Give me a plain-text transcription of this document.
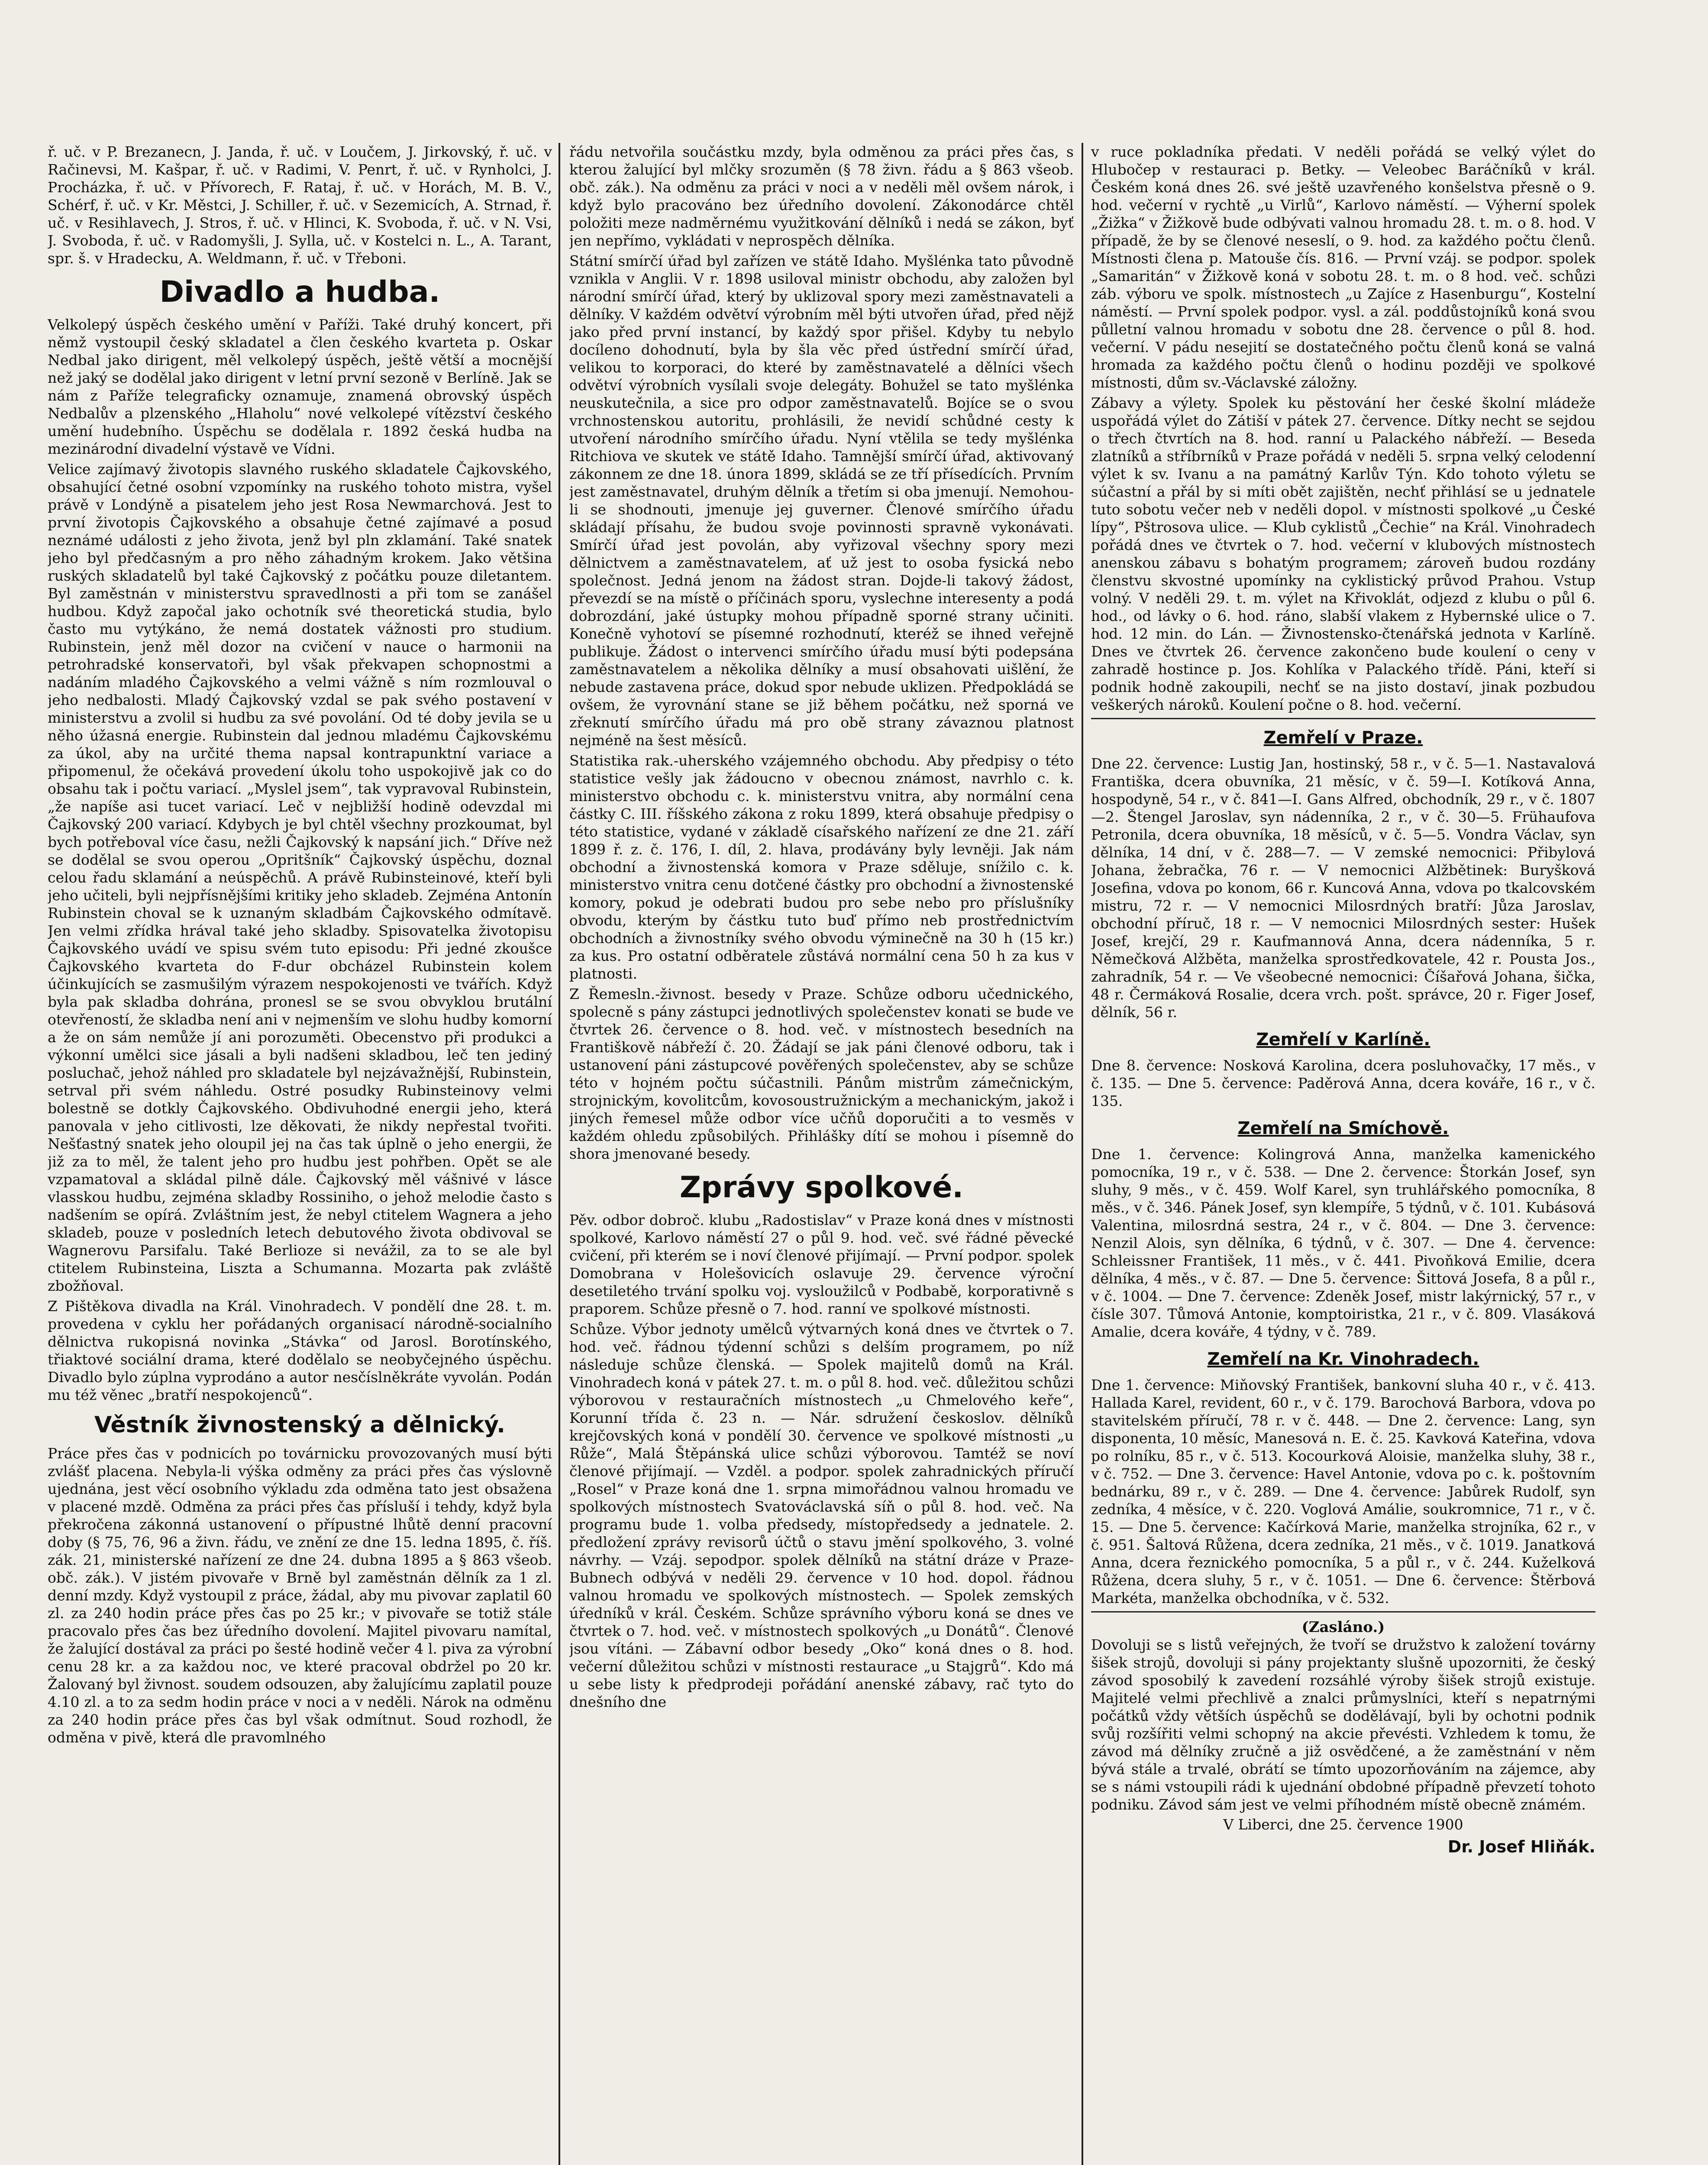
ř. uč. v P. Brezanecn, J. Janda, ř. uč. v Loučem, J. Jirkovský, ř. uč. v Račinevsi, M. Kašpar, ř. uč. v Radimi, V. Penrt, ř. uč. v Rynholci, J. Procházka, ř. uč. v Přívorech, F. Rataj, ř. uč. v Horách, M. B. V., Schérf, ř. uč. v Kr. Městci, J. Schiller, ř. uč. v Sezemicích, A. Strnad, ř. uč. v Resihlavech, J. Stros, ř. uč. v Hlinci, K. Svoboda, ř. uč. v N. Vsi, J. Svoboda, ř. uč. v Radomyšli, J. Sylla, uč. v Kostelci n. L., A. Tarant, spr. š. v Hradecku, A. Weldmann, ř. uč. v Třeboni.

Divadlo a hudba.

Velkolepý úspěch českého umění v Paříži. Také druhý koncert, při němž vystoupil český skladatel a člen českého kvarteta p. Oskar Nedbal jako dirigent, měl velkolepý úspěch, ještě větší a mocnější než jaký se dodělal jako dirigent v letní první sezoně v Berlíně. Jak se nám z Paříže telegraficky oznamuje, znamená obrovský úspěch Nedbalův a plzenského „Hlaholu“ nové velkolepé vítězství českého umění hudebního. Úspěchu se dodělala r. 1892 česká hudba na mezinárodní divadelní výstavě ve Vídni.

Velice zajímavý životopis slavného ruského skladatele Čajkovského, obsahující četné osobní vzpomínky na ruského tohoto mistra, vyšel právě v Londýně a pisatelem jeho jest Rosa Newmarchová. Jest to první životopis Čajkovského a obsahuje četné zajímavé a posud neznámé události z jeho života, jenž byl pln zklamání. Také snatek jeho byl předčasným a pro něho záhadným krokem. Jako většina ruských skladatelů byl také Čajkovský z počátku pouze diletantem. Byl zaměstnán v ministerstvu spravedlnosti a při tom se zanášel hudbou. Když započal jako ochotník své theoretická studia, bylo často mu vytýkáno, že nemá dostatek vážnosti pro studium. Rubinstein, jenž měl dozor na cvičení v nauce o harmonii na petrohradské konservatoři, byl však překvapen schopnostmi a nadáním mladého Čajkovského a velmi vážně s ním rozmlouval o jeho nedbalosti. Mladý Čajkovský vzdal se pak svého postavení v ministerstvu a zvolil si hudbu za své povolání. Od té doby jevila se u něho úžasná energie. Rubinstein dal jednou mladému Čajkovskému za úkol, aby na určité thema napsal kontrapunktní variace a připomenul, že očekává provedení úkolu toho uspokojivě jak co do obsahu tak i počtu variací. „Myslel jsem“, tak vypravoval Rubinstein, „že napíše asi tucet variací. Leč v nejbližší hodině odevzdal mi Čajkovský 200 variací. Kdybych je byl chtěl všechny prozkoumat, byl bych potřeboval více času, nežli Čajkovský k napsání jich.“ Dříve než se dodělal se svou operou „Opritšník“ Čajkovský úspěchu, doznal celou řadu sklamání a neúspěchů. A právě Rubinsteinové, kteří byli jeho učiteli, byli nejpřísnějšími kritiky jeho skladeb. Zejména Antonín Rubinstein choval se k uznaným skladbám Čajkovského odmítavě. Jen velmi zřídka hrával také jeho skladby. Spisovatelka životopisu Čajkovského uvádí ve spisu svém tuto episodu: Při jedné zkoušce Čajkovského kvarteta do F-dur obcházel Rubinstein kolem účinkujících se zasmušilým výrazem nespokojenosti ve tvářích. Když byla pak skladba dohrána, pronesl se se svou obvyklou brutální otevřeností, že skladba není ani v nejmenším ve slohu hudby komorní a že on sám nemůže jí ani porozuměti. Obecenstvo při produkci a výkonní umělci sice jásali a byli nadšeni skladbou, leč ten jediný posluchač, jehož náhled pro skladatele byl nejzávažnější, Rubinstein, setrval při svém náhledu. Ostré posudky Rubinsteinovy velmi bolestně se dotkly Čajkovského. Obdivuhodné energii jeho, která panovala v jeho citlivosti, lze děkovati, že nikdy nepřestal tvořiti. Nešťastný snatek jeho oloupil jej na čas tak úplně o jeho energii, že již za to měl, že talent jeho pro hudbu jest pohřben. Opět se ale vzpamatoval a skládal pilně dále. Čajkovský měl vášnivé v lásce vlasskou hudbu, zejména skladby Rossiniho, o jehož melodie často s nadšením se opírá. Zvláštním jest, že nebyl ctitelem Wagnera a jeho skladeb, pouze v posledních letech debutového života obdivoval se Wagnerovu Parsifalu. Také Berlioze si nevážil, za to se ale byl ctitelem Rubinsteina, Liszta a Schumanna. Mozarta pak zvláště zbožňoval.

Z Pištěkova divadla na Král. Vinohradech. V pondělí dne 28. t. m. provedena v cyklu her pořádaných organisací národně-socialního dělnictva rukopisná novinka „Stávka“ od Jarosl. Borotínského, třiaktové sociální drama, které dodělalo se neobyčejného úspěchu. Divadlo bylo zúplna vyprodáno a autor nesčíslněkráte vyvolán. Podán mu též věnec „bratří nespokojenců“.

Věstník živnostenský a dělnický.

Práce přes čas v podnicích po továrnicku provozovaných musí býti zvlášť placena. Nebyla-li výška odměny za práci přes čas výslovně ujednána, jest věcí osobního výkladu zda odměna tato jest obsažena v placené mzdě. Odměna za práci přes čas přísluší i tehdy, když byla překročena zákonná ustanovení o přípustné lhůtě denní pracovní doby (§ 75, 76, 96 a živn. řádu, ve znění ze dne 15. ledna 1895, č. říš. zák. 21, ministerské nařízení ze dne 24. dubna 1895 a § 863 všeob. obč. zák.). V jistém pivovaře v Brně byl zaměstnán dělník za 1 zl. denní mzdy. Když vystoupil z práce, žádal, aby mu pivovar zaplatil 60 zl. za 240 hodin práce přes čas po 25 kr.; v pivovaře se totiž stále pracovalo přes čas bez úředního dovolení. Majitel pivovaru namítal, že žalující dostával za práci po šesté hodině večer 4 l. piva za výrobní cenu 28 kr. a za každou noc, ve které pracoval obdržel po 20 kr. Žalovaný byl živnost. soudem odsouzen, aby žalujícímu zaplatil pouze 4.10 zl. a to za sedm hodin práce v noci a v neděli. Nárok na odměnu za 240 hodin práce přes čas byl však odmítnut. Soud rozhodl, že odměna v pivě, která dle pravomlného

řádu netvořila součástku mzdy, byla odměnou za práci přes čas, s kterou žalující byl mlčky srozuměn (§ 78 živn. řádu a § 863 všeob. obč. zák.). Na odměnu za práci v noci a v neděli měl ovšem nárok, i když bylo pracováno bez úředního dovolení. Zákonodárce chtěl položiti meze nadměrnému využitkování dělníků i nedá se zákon, byť jen nepřímo, vykládati v neprospěch dělníka.

Státní smírčí úřad byl zařízen ve státě Idaho. Myšlénka tato původně vznikla v Anglii. V r. 1898 usiloval ministr obchodu, aby založen byl národní smírčí úřad, který by uklizoval spory mezi zaměstnavateli a dělníky. V každém odvětví výrobním měl býti utvořen úřad, před nějž jako před první instancí, by každý spor přišel. Kdyby tu nebylo docíleno dohodnutí, byla by šla věc před ústřední smírčí úřad, velikou to korporaci, do které by zaměstnavatelé a dělníci všech odvětví výrobních vysílali svoje delegáty. Bohužel se tato myšlénka neuskutečnila, a sice pro odpor zaměstnavatelů. Bojíce se o svou vrchnostenskou autoritu, prohlásili, že nevidí schůdné cesty k utvoření národního smírčího úřadu. Nyní vtělila se tedy myšlénka Ritchiova ve skutek ve státě Idaho. Tamnější smírčí úřad, aktivovaný zákonnem ze dne 18. února 1899, skládá se ze tří přísedících. Prvním jest zaměstnavatel, druhým dělník a třetím si oba jmenují. Nemohou-li se shodnouti, jmenuje jej guverner. Členové smírčího úřadu skládají přísahu, že budou svoje povinnosti spravně vykonávati. Smírčí úřad jest povolán, aby vyřizoval všechny spory mezi dělnictvem a zaměstnavatelem, ať už jest to osoba fysická nebo společnost. Jedná jenom na žádost stran. Dojde-li takový žádost, převezdí se na místě o příčinách sporu, vyslechne interesenty a podá dobrozdání, jaké ústupky mohou případně sporné strany učiniti. Konečně vyhotoví se písemné rozhodnutí, kteréž se ihned veřejně publikuje. Žádost o intervenci smírčího úřadu musí býti podepsána zaměstnavatelem a několika dělníky a musí obsahovati uišlění, že nebude zastavena práce, dokud spor nebude uklizen. Předpokládá se ovšem, že vyrovnání stane se již během počátku, než sporná ve zřeknutí smírčího úřadu má pro obě strany závaznou platnost nejméně na šest měsíců.

Statistika rak.-uherského vzájemného obchodu. Aby předpisy o této statistice vešly jak žádoucno v obecnou známost, navrhlo c. k. ministerstvo obchodu c. k. ministerstvu vnitra, aby normální cena částky C. III. říšského zákona z roku 1899, která obsahuje předpisy o této statistice, vydané v základě císařského nařízení ze dne 21. září 1899 ř. z. č. 176, I. díl, 2. hlava, prodávány byly levněji. Jak nám obchodní a živnostenská komora v Praze sděluje, snížilo c. k. ministerstvo vnitra cenu dotčené částky pro obchodní a živnostenské komory, pokud je odebrati budou pro sebe nebo pro příslušníky obvodu, kterým by částku tuto buď přímo neb prostřednictvím obchodních a živnostníky svého obvodu výminečně na 30 h (15 kr.) za kus. Pro ostatní odběratele zůstává normální cena 50 h za kus v platnosti.

Z Řemesln.-živnost. besedy v Praze. Schůze odboru učednického, spolecně s pány zástupci jednotlivých společenstev konati se bude ve čtvrtek 26. července o 8. hod. več. v místnostech besedních na Františkově nábřeží č. 20. Žádají se jak páni členové odboru, tak i ustanovení páni zástupcové pověřených společenstev, aby se schůze této v hojném počtu súčastnili. Pánům mistrům zámečnickým, strojnickým, kovolitcům, kovosoustružnickým a mechanickým, jakož i jiných řemesel může odbor více učňů doporučiti a to vesměs v každém ohledu způsobilých. Přihlášky dítí se mohou i písemně do shora jmenované besedy.

Zprávy spolkové.

Pěv. odbor dobroč. klubu „Radostislav“ v Praze koná dnes v místnosti spolkové, Karlovo náměstí 27 o půl 9. hod. več. své řádné pěvecké cvičení, při kterém se i noví členové přijímají. — První podpor. spolek Domobrana v Holešovicích oslavuje 29. července výroční desetiletého trvání spolku voj. vysloužilců v Podbabě, korporativně s praporem. Schůze přesně o 7. hod. ranní ve spolkové místnosti.

Schůze. Výbor jednoty umělců výtvarných koná dnes ve čtvrtek o 7. hod. več. řádnou týdenní schůzi s delším programem, po níž následuje schůze členská. — Spolek majitelů domů na Král. Vinohradech koná v pátek 27. t. m. o půl 8. hod. več. důležitou schůzi výborovou v restauračních místnostech „u Chmelového keře“, Korunní třída č. 23 n. — Nár. sdružení českoslov. dělníků krejčovských koná v pondělí 30. července ve spolkové místnosti „u Růže“, Malá Štěpánská ulice schůzi výborovou. Tamtéž se noví členové přijímají. — Vzděl. a podpor. spolek zahradnických příručí „Rosel“ v Praze koná dne 1. srpna mimořádnou valnou hromadu ve spolkových místnostech Svatováclavská síň o půl 8. hod. več. Na programu bude 1. volba předsedy, místopředsedy a jednatele. 2. předložení zprávy revisorů účtů o stavu jmění spolkového, 3. volné návrhy. — Vzáj. sepodpor. spolek dělníků na státní dráze v Praze-Bubnech odbývá v neděli 29. července v 10 hod. dopol. řádnou valnou hromadu ve spolkových místnostech. — Spolek zemských úředníků v král. Českém. Schůze správního výboru koná se dnes ve čtvrtek o 7. hod. več. v místnostech spolkových „u Donátů“. Členové jsou vítáni. — Zábavní odbor besedy „Oko“ koná dnes o 8. hod. večerní důležitou schůzi v místnosti restaurace „u Stajgrů“. Kdo má u sebe listy k předprodeji pořádání anenské zábavy, rač tyto do dnešního dne

v ruce pokladníka předati. V neděli pořádá se velký výlet do Hlubočep v restauraci p. Betky. — Veleobec Baráčníků v král. Českém koná dnes 26. své ještě uzavřeného konšelstva přesně o 9. hod. večerní v rychtě „u Virlů“, Karlovo náměstí. — Výherní spolek „Žižka“ v Žižkově bude odbývati valnou hromadu 28. t. m. o 8. hod. V případě, že by se členové neseslí, o 9. hod. za každého počtu členů. Místnosti člena p. Matouše čís. 816. — První vzáj. se podpor. spolek „Samaritán“ v Žižkově koná v sobotu 28. t. m. o 8 hod. več. schůzi záb. výboru ve spolk. místnostech „u Zajíce z Hasenburgu“, Kostelní náměstí. — První spolek podpor. vysl. a zál. poddůstojníků koná svou půlletní valnou hromadu v sobotu dne 28. července o půl 8. hod. večerní. V pádu nesejití se dostatečného počtu členů koná se valná hromada za každého počtu členů o hodinu později ve spolkové místnosti, dům sv.-Václavské záložny.

Zábavy a výlety. Spolek ku pěstování her české školní mládeže uspořádá výlet do Zátiší v pátek 27. července. Dítky necht se sejdou o třech čtvrtích na 8. hod. ranní u Palackého nábřeží. — Beseda zlatníků a stříbrníků v Praze pořádá v neděli 5. srpna velký celodenní výlet k sv. Ivanu a na památný Karlův Týn. Kdo tohoto výletu se súčastní a přál by si míti obět zajištěn, nechť přihlásí se u jednatele tuto sobotu večer neb v neděli dopol. v místnosti spolkové „u České lípy“, Pštrosova ulice. — Klub cyklistů „Čechie“ na Král. Vinohradech pořádá dnes ve čtvrtek o 7. hod. večerní v klubových místnostech anenskou zábavu s bohatým programem; zároveň budou rozdány členstvu skvostné upomínky na cyklistický průvod Prahou. Vstup volný. V neděli 29. t. m. výlet na Křivoklát, odjezd z klubu o půl 6. hod., od lávky o 6. hod. ráno, slabší vlakem z Hybernské ulice o 7. hod. 12 min. do Lán. — Živnostensko-čtenářská jednota v Karlíně. Dnes ve čtvrtek 26. července zakončeno bude koulení o ceny v zahradě hostince p. Jos. Kohlíka v Palackého třídě. Páni, kteří si podnik hodně zakoupili, nechť se na jisto dostaví, jinak pozbudou veškerých nároků. Koulení počne o 8. hod. večerní.

Zemřelí v Praze.

Dne 22. července: Lustig Jan, hostinský, 58 r., v č. 5—1. Nastavalová Františka, dcera obuvníka, 21 měsíc, v č. 59—I. Kotíková Anna, hospodyně, 54 r., v č. 841—I. Gans Alfred, obchodník, 29 r., v č. 1807—2. Štengel Jaroslav, syn nádenníka, 2 r., v č. 30—5. Frühaufova Petronila, dcera obuvníka, 18 měsíců, v č. 5—5. Vondra Václav, syn dělníka, 14 dní, v č. 288—7. — V zemské nemocnici: Přibylová Johana, žebračka, 76 r. — V nemocnici Alžbětinek: Buryšková Josefina, vdova po konom, 66 r. Kuncová Anna, vdova po tkalcovském mistru, 72 r. — V nemocnici Milosrdných bratří: Jůza Jaroslav, obchodní příruč, 18 r. — V nemocnici Milosrdných sester: Hušek Josef, krejčí, 29 r. Kaufmannová Anna, dcera nádenníka, 5 r. Němečková Alžběta, manželka sprostředkovatele, 42 r. Pousta Jos., zahradník, 54 r. — Ve všeobecné nemocnici: Číšařová Johana, šička, 48 r. Čermáková Rosalie, dcera vrch. pošt. správce, 20 r. Figer Josef, dělník, 56 r.

Zemřelí v Karlíně.

Dne 8. července: Nosková Karolina, dcera posluhovačky, 17 měs., v č. 135. — Dne 5. července: Paděrová Anna, dcera kováře, 16 r., v č. 135.

Zemřelí na Smíchově.

Dne 1. července: Kolingrová Anna, manželka kamenického pomocníka, 19 r., v č. 538. — Dne 2. července: Štorkán Josef, syn sluhy, 9 měs., v č. 459. Wolf Karel, syn truhlářského pomocníka, 8 měs., v č. 346. Pánek Josef, syn klempíře, 5 týdnů, v č. 101. Kubásová Valentina, milosrdná sestra, 24 r., v č. 804. — Dne 3. července: Nenzil Alois, syn dělníka, 6 týdnů, v č. 307. — Dne 4. července: Schleissner František, 11 měs., v č. 441. Pivoňková Emilie, dcera dělníka, 4 měs., v č. 87. — Dne 5. července: Šittová Josefa, 8 a půl r., v č. 1004. — Dne 7. července: Zdeněk Josef, mistr lakýrnický, 57 r., v čísle 307. Tůmová Antonie, komptoiristka, 21 r., v č. 809. Vlasáková Amalie, dcera kováře, 4 týdny, v č. 789.

Zemřelí na Kr. Vinohradech.

Dne 1. července: Miňovský František, bankovní sluha 40 r., v č. 413. Hallada Karel, revident, 60 r., v č. 179. Barochová Barbora, vdova po stavitelském příručí, 78 r. v č. 448. — Dne 2. července: Lang, syn disponenta, 10 měsíc, Manesová n. E. č. 25. Kavková Kateřina, vdova po rolníku, 85 r., v č. 513. Kocourková Aloisie, manželka sluhy, 38 r., v č. 752. — Dne 3. července: Havel Antonie, vdova po c. k. poštovním bednárku, 89 r., v č. 289. — Dne 4. července: Jabůrek Rudolf, syn zedníka, 4 měsíce, v č. 220. Voglová Amálie, soukromnice, 71 r., v č. 15. — Dne 5. července: Kačírková Marie, manželka strojníka, 62 r., v č. 951. Šaltová Růžena, dcera zedníka, 21 měs., v č. 1019. Janatková Anna, dcera řeznického pomocníka, 5 a půl r., v č. 244. Kuželková Růžena, dcera sluhy, 5 r., v č. 1051. — Dne 6. července: Štěrbová Markéta, manželka obchodníka, v č. 532.

(Zasláno.)

Dovoluji se s listů veřejných, že tvoří se družstvo k založení továrny šišek strojů, dovoluji si pány projektanty slušně upozorniti, že český závod sposobilý k zavedení rozsáhlé výroby šišek strojů existuje. Majitelé velmi přechlivě a znalci průmyslníci, kteří s nepatrnými počátků vždy větších úspěchů se dodělávají, byli by ochotni podnik svůj rozšířiti velmi schopný na akcie převésti. Vzhledem k tomu, že závod má dělníky zručně a již osvědčené, a že zaměstnání v něm bývá stále a trvalé, obrátí se tímto upozorňováním na zájemce, aby se s námi vstoupili rádi k ujednání obdobné případně převzetí tohoto podniku. Závod sám jest ve velmi příhodném místě obecně známém.

V Liberci, dne 25. července 1900
Dr. Josef Hliňák.
